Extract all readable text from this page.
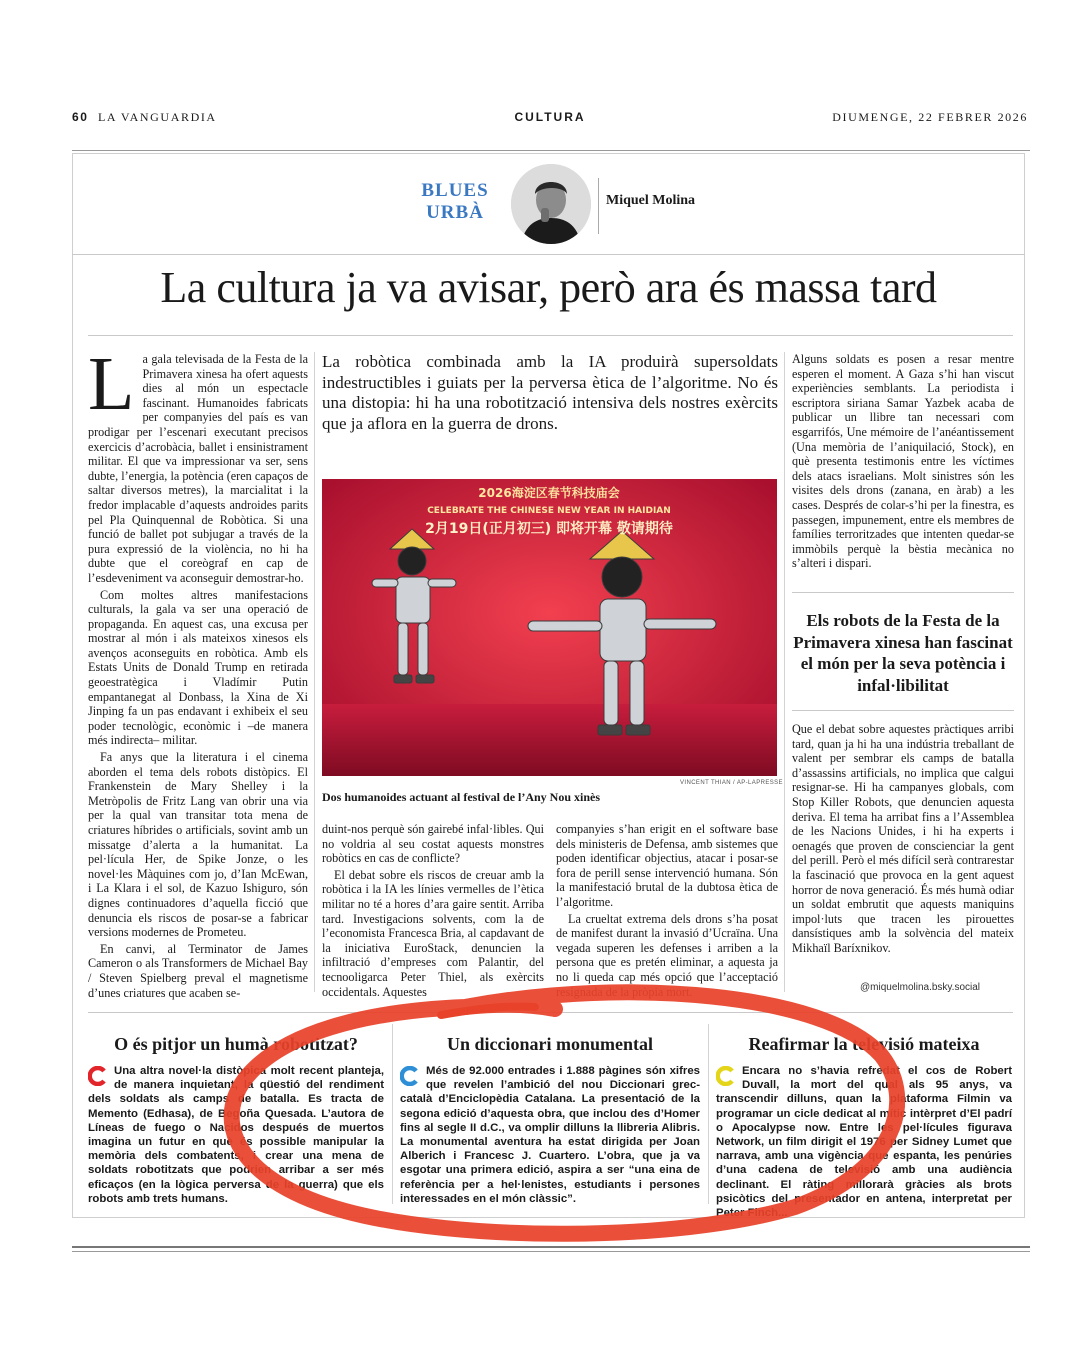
60 LA VANGUARDIA	CULTURA	DIUMENGE, 22 FEBRER 2026
BLUES
URBÀ
Miquel Molina
La cultura ja va avisar, però ara és massa tard

La gala televisada de la Festa de la Primavera xinesa ha ofert aquests dies al món un espectacle fascinant. Humanoides fabricats per companyies del país es van prodigar per l’escenari executant precisos exercicis d’acrobàcia, ballet i ensinistrament militar. El que va impressionar va ser, sens dubte, l’energia, la potència (eren capaços de saltar diversos metres), la marcialitat i la fredor implacable d’aquests androides parits pel Pla Quinquennal de Robòtica. Si una funció de ballet pot subjugar a través de la pura expressió de la violència, no hi ha dubte que el coreògraf en cap de l’esdeveniment va aconseguir demostrar-ho.

Com moltes altres manifestacions culturals, la gala va ser una operació de propaganda. En aquest cas, una excusa per mostrar al món i als mateixos xinesos els avenços aconseguits en robòtica. Amb els Estats Units de Donald Trump en retirada geoestratègica i Vladímir Putin empantanegat al Donbass, la Xina de Xi Jinping fa un pas endavant i exhibeix el seu poder tecnològic, econòmic i –de manera més indirecta– militar.

Fa anys que la literatura i el cinema aborden el tema dels robots distòpics. El Frankenstein de Mary Shelley i la Metròpolis de Fritz Lang van obrir una via per la qual van transitar tota mena de criatures híbrides o artificials, sovint amb un missatge d’alerta a la humanitat. La pel·lícula Her, de Spike Jonze, o les novel·les Màquines com jo, d’Ian McEwan, i La Klara i el sol, de Kazuo Ishiguro, són dignes continuadores d’aquella ficció que denuncia els riscos de posar-se a fabricar versions modernes de Prometeu.

En canvi, al Terminator de James Cameron o als Transformers de Michael Bay / Steven Spielberg preval el magnetisme d’unes criatures que acaben se-

La robòtica combinada amb la IA produirà supersoldats indestructibles i guiats per la perversa ètica de l’algoritme. No és una distopia: hi ha una robotització intensiva dels nostres exèrcits que ja aflora en la guerra de drons.
2026海淀区春节科技庙会
CELEBRATE THE CHINESE NEW YEAR IN HAIDIAN
2月19日(正月初三) 即将开幕 敬请期待
VINCENT THIAN / AP-LAPRESSE
Dos humanoides actuant al festival de l’Any Nou xinès

duint-nos perquè són gairebé infal·libles. Qui no voldria al seu costat aquests monstres robòtics en cas de conflicte?

El debat sobre els riscos de creuar amb la robòtica i la IA les línies vermelles de l’ètica militar no té a hores d’ara gaire sentit. Arriba tard. Investigacions solvents, com la de l’economista Francesca Bria, al capdavant de la iniciativa EuroStack, denuncien la infiltració d’empreses com Palantir, del tecnooligarca Peter Thiel, als exèrcits occidentals. Aquestes

companyies s’han erigit en el software base dels ministeris de Defensa, amb sistemes que poden identificar objectius, atacar i posar-se fora de perill sense intervenció humana. Són la manifestació brutal de la dubtosa ètica de l’algoritme.

La crueltat extrema dels drons s’ha posat de manifest durant la invasió d’Ucraïna. Una vegada superen les defenses i arriben a la persona que es pretén eliminar, a aquesta ja no li queda cap més opció que l’acceptació resignada de la pròpia mort.

Alguns soldats es posen a resar mentre esperen el moment. A Gaza s’hi han viscut experiències semblants. La periodista i escriptora siriana Samar Yazbek acaba de publicar un llibre tan necessari com esgarrifós, Une mémoire de l’anéantissement (Una memòria de l’aniquilació, Stock), en què presenta testimonis entre les víctimes dels atacs israelians. Molt sinistres són les visites dels drons (zanana, en àrab) a les cases. Després de colar-s’hi per la finestra, es passegen, impunement, entre els membres de famílies terroritzades que intenten quedar-se immòbils perquè la bèstia mecànica no s’alteri i dispari.

Els robots de la Festa de la Primavera xinesa han fascinat el món per la seva potència i infal·libilitat

Que el debat sobre aquestes pràctiques arribi tard, quan ja hi ha una indústria treballant de valent per sembrar els camps de batalla d’assassins artificials, no implica que calgui resignar-se. Hi ha campanyes globals, com Stop Killer Robots, que denuncien aquesta deriva. El tema ha arribat fins a l’Assemblea de les Nacions Unides, i hi ha experts i oenagés que proven de conscienciar la gent del perill. Però el més difícil serà contrarestar la fascinació que provoca en la gent aquest horror de nova generació. És més humà odiar un soldat embrutit que aquests maniquins impol·luts que tracen les pirouettes dansístiques amb la solvència del mateix Mikhaïl Baríxnikov.

@miquelmolina.bsky.social
O és pitjor un humà robotitzat?	Un diccionari monumental	Reafirmar la televisió mateixa
Una altra novel·la distòpica molt recent planteja, de manera inquietant, la qüestió del rendiment dels soldats als camps de batalla. Es tracta de Memento (Edhasa), de Begoña Quesada. L’autora de Líneas de fuego o Nacidos después de muertos imagina un futur en què és possible manipular la memòria dels combatents, i crear una mena de soldats robotitzats que podrien arribar a ser més eficaços (en la lògica perversa de la guerra) que els robots amb trets humans.
Més de 92.000 entrades i 1.888 pàgines són xifres que revelen l’ambició del nou Diccionari grec-català d’Enciclopèdia Catalana. La presentació de la segona edició d’aquesta obra, que inclou des d’Homer fins al segle II d.C., va omplir dilluns la llibreria Alibris. La monumental aventura ha estat dirigida per Joan Alberich i Francesc J. Cuartero. L’obra, que ja va esgotar una primera edició, aspira a ser “una eina de referència per a hel·lenistes, estudiants i persones interessades en el món clàssic”.
Encara no s’havia refredat el cos de Robert Duvall, la mort del qual als 95 anys, va transcendir dilluns, quan la plataforma Filmin va programar un cicle dedicat al mític intèrpret d’El padrí o Apocalypse now. Entre les pel·lícules figurava Network, un film dirigit el 1976 per Sidney Lumet que narrava, amb una vigència que espanta, les penúries d’una cadena de televisió amb una audiència declinant. El ràting millorarà gràcies als brots psicòtics del presentador en antena, interpretat per Peter Finch...
